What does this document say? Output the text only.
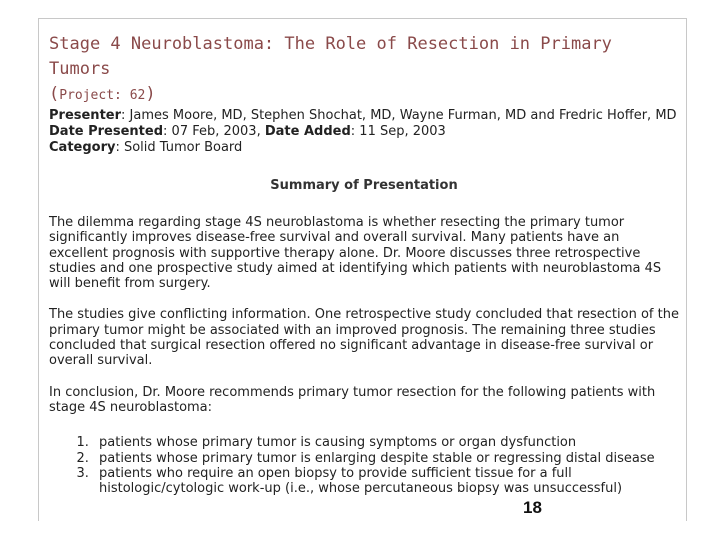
Stage 4 Neuroblastoma: The Role of Resection in Primary Tumors
(Project: 62)
Presenter: James Moore, MD, Stephen Shochat, MD, Wayne Furman, MD and Fredric Hoffer, MD
Date Presented: 07 Feb, 2003, Date Added: 11 Sep, 2003
Category: Solid Tumor Board
Summary of Presentation

The dilemma regarding stage 4S neuroblastoma is whether resecting the primary tumor significantly improves disease-free survival and overall survival. Many patients have an excellent prognosis with supportive therapy alone. Dr. Moore discusses three retrospective studies and one prospective study aimed at identifying which patients with neuroblastoma 4S will benefit from surgery.

The studies give conflicting information. One retrospective study concluded that resection of the primary tumor might be associated with an improved prognosis. The remaining three studies concluded that surgical resection offered no significant advantage in disease-free survival or overall survival.

In conclusion, Dr. Moore recommends primary tumor resection for the following patients with stage 4S neuroblastoma:

1. patients whose primary tumor is causing symptoms or organ dysfunction
2. patients whose primary tumor is enlarging despite stable or regressing distal disease
3. patients who require an open biopsy to provide sufficient tissue for a full histologic/cytologic work-up (i.e., whose percutaneous biopsy was unsuccessful)
18
